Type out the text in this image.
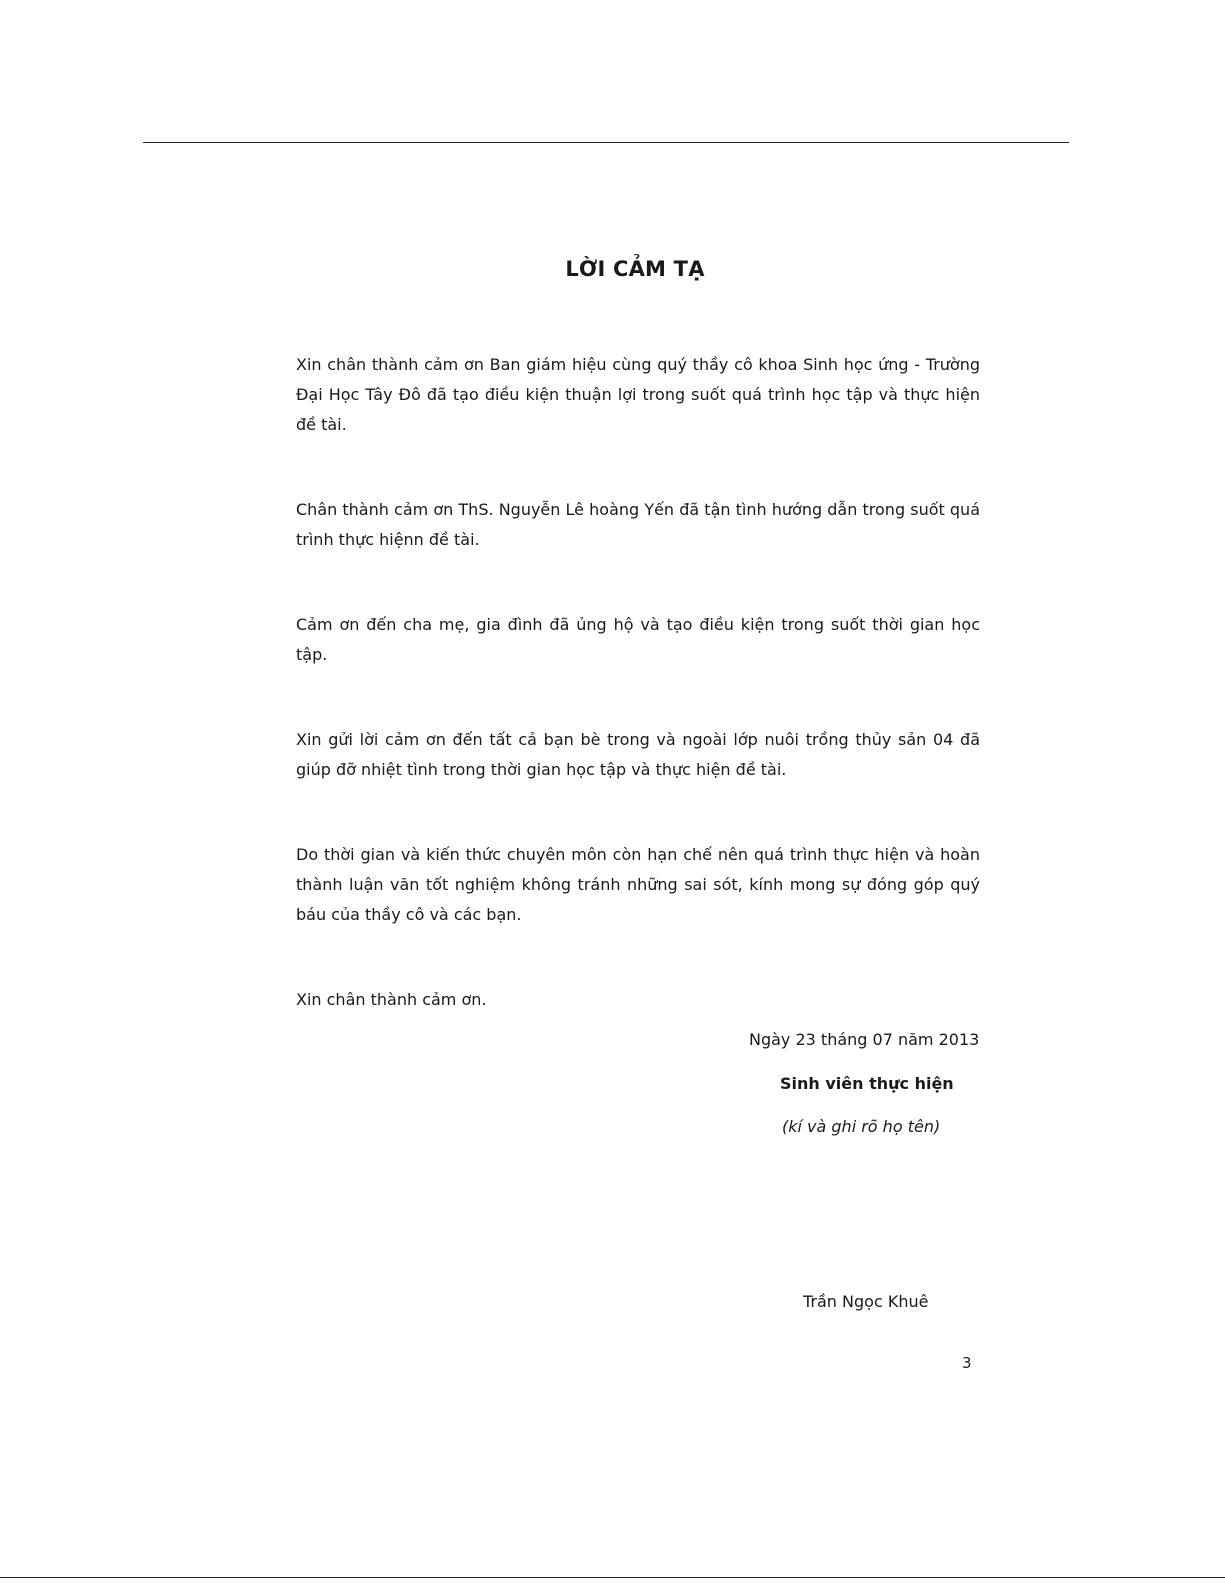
LỜI CẢM TẠ

Xin chân thành cảm ơn Ban giám hiệu cùng quý thầy cô khoa Sinh học ứng - Trường Đại Học Tây Đô đã tạo điều kiện thuận lợi trong suốt quá trình học tập và thực hiện đề tài.

Chân thành cảm ơn ThS. Nguyễn Lê hoàng Yến đã tận tình hướng dẫn trong suốt quá trình thực hiệnn đề tài.

Cảm ơn đến cha mẹ, gia đình đã ủng hộ và tạo điều kiện trong suốt thời gian học tập.

Xin gửi lời cảm ơn đến tất cả bạn bè trong và ngoài lớp nuôi trồng thủy sản 04 đã giúp đỡ nhiệt tình trong thời gian học tập và thực hiện đề tài.

Do thời gian và kiến thức chuyên môn còn hạn chế nên quá trình thực hiện và hoàn thành luận văn tốt nghiệm không tránh những sai sót, kính mong sự đóng góp quý báu của thầy cô và các bạn.

Xin chân thành cảm ơn.

Ngày 23 tháng 07 năm 2013
Sinh viên thực hiện
(kí và ghi rõ họ tên)
Trần Ngọc Khuê
3
